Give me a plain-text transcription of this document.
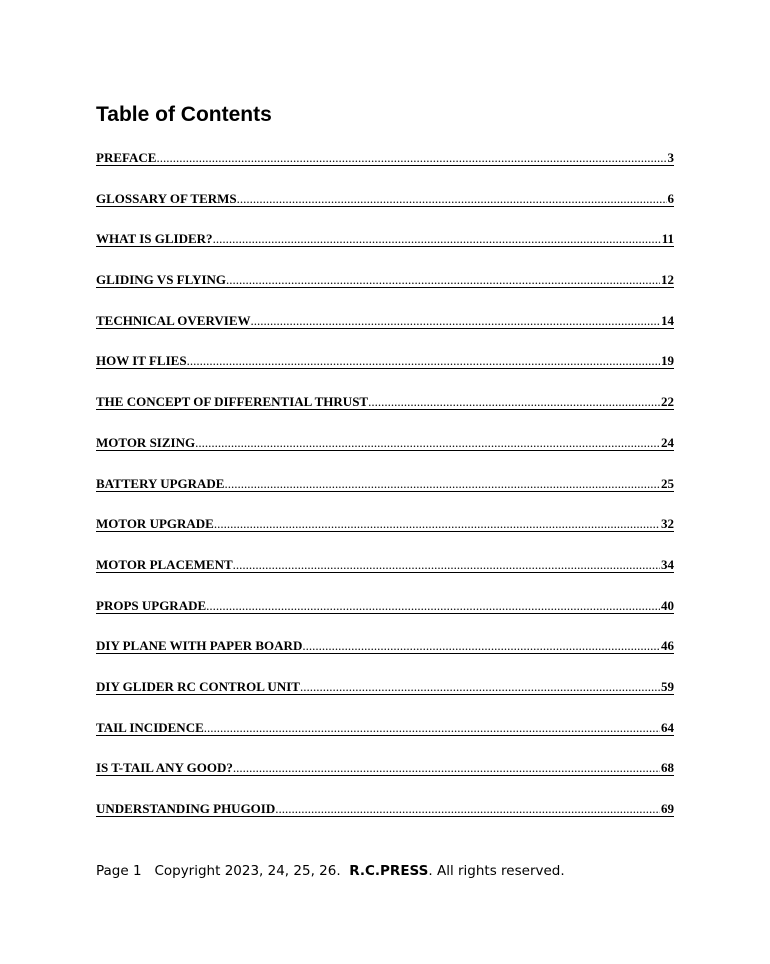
Table of Contents
PREFACE .....	3
GLOSSARY OF TERMS .....	6
WHAT IS GLIDER? .....	11
GLIDING VS FLYING .....	12
TECHNICAL OVERVIEW .....	14
HOW IT FLIES .....	19
THE CONCEPT OF DIFFERENTIAL THRUST .....	22
MOTOR SIZING .....	24
BATTERY UPGRADE .....	25
MOTOR UPGRADE .....	32
MOTOR PLACEMENT .....	34
PROPS UPGRADE .....	40
DIY PLANE WITH PAPER BOARD .....	46
DIY GLIDER RC CONTROL UNIT .....	59
TAIL INCIDENCE .....	64
IS T-TAIL ANY GOOD? .....	68
UNDERSTANDING PHUGOID .....	69
Page 1 Copyright 2023, 24, 25, 26. R.C.PRESS. All rights reserved.
